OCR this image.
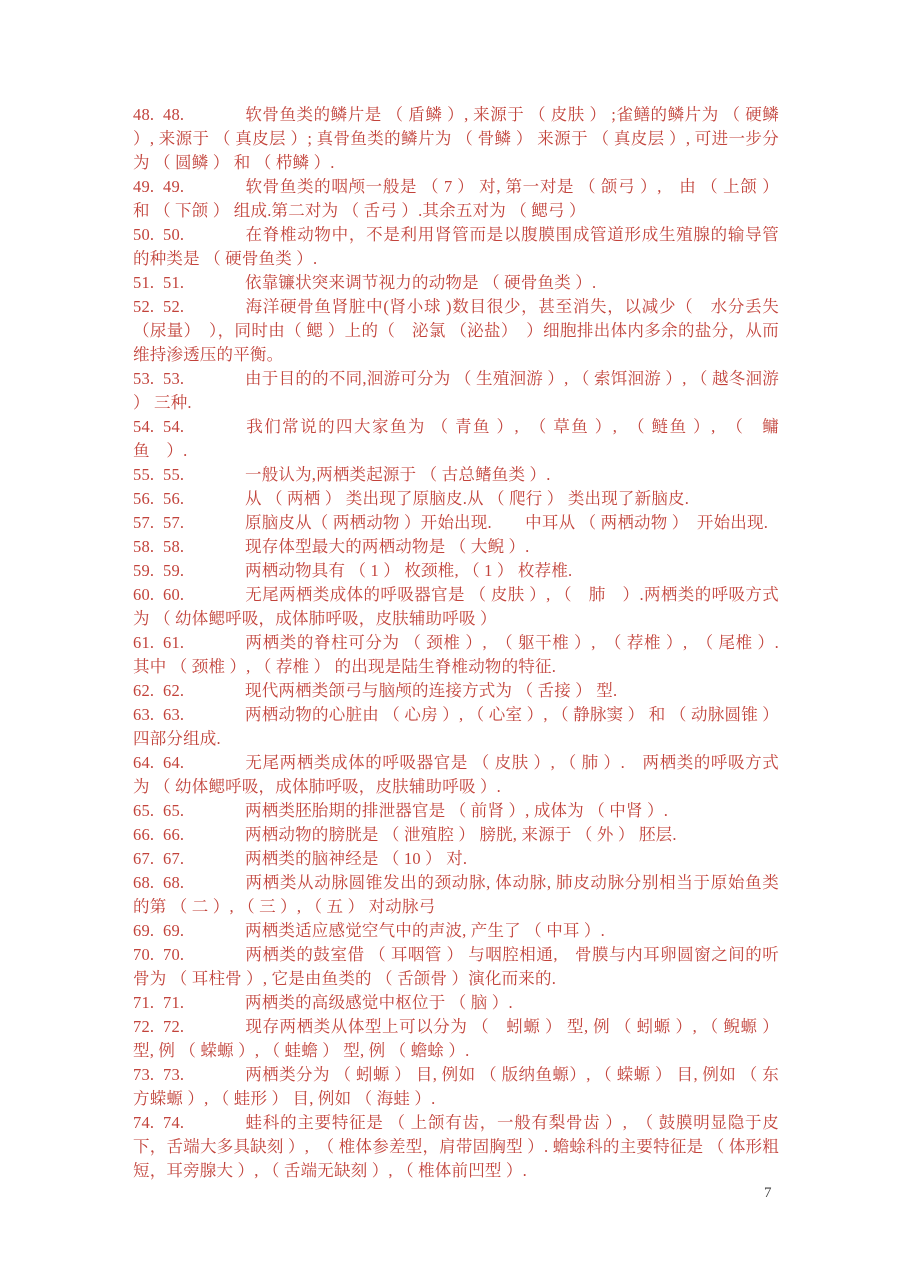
48. 48.	软骨鱼类的鳞片是 （ 盾鳞 ）, 来源于 （ 皮肤 ） ;雀鳝的鳞片为 （ 硬鳞 ）, 来源于 （ 真皮层 ）; 真骨鱼类的鳞片为 （ 骨鳞 ） 来源于 （ 真皮层 ）, 可进一步分为 （ 圆鳞 ） 和 （ 栉鳞 ）.

49. 49.	软骨鱼类的咽颅一般是 （ 7 ） 对, 第一对是 （ 颌弓 ）,　由 （ 上颌 ） 和 （ 下颌 ） 组成.第二对为 （ 舌弓 ）.其余五对为 （ 鳃弓 ）

50. 50.	在脊椎动物中，不是利用肾管而是以腹膜围成管道形成生殖腺的输导管的种类是 （ 硬骨鱼类 ）.

51. 51.	依靠镰状突来调节视力的动物是 （ 硬骨鱼类 ）.

52. 52.	海洋硬骨鱼肾脏中(肾小球 )数目很少，甚至消失，以减少（　水分丢失 （尿量）　），同时由（ 鳃 ）上的（　泌氯 （泌盐）　）细胞排出体内多余的盐分，从而维持渗透压的平衡。

53. 53.	由于目的的不同,洄游可分为 （ 生殖洄游 ）, （ 索饵洄游 ）, （ 越冬洄游 ） 三种.

54. 54.	我们常说的四大家鱼为 （ 青鱼 ）,　（ 草鱼 ）,　（ 鲢鱼 ）,　（　鳙鱼　）.

55. 55.	一般认为,两栖类起源于 （ 古总鳍鱼类 ）.

56. 56.	从 （ 两栖 ） 类出现了原脑皮.从 （ 爬行 ） 类出现了新脑皮.

57. 57.	原脑皮从（ 两栖动物 ）开始出现.　　中耳从 （ 两栖动物 ）　开始出现.

58. 58.	现存体型最大的两栖动物是 （ 大鲵 ）.

59. 59.	两栖动物具有 （ 1 ） 枚颈椎, （ 1 ） 枚荐椎.

60. 60.	无尾两栖类成体的呼吸器官是 （ 皮肤 ）, （　肺　）.两栖类的呼吸方式为 （ 幼体鳃呼吸，成体肺呼吸，皮肤辅助呼吸 ）

61. 61.	两栖类的脊柱可分为 （ 颈椎 ）,　（ 躯干椎 ）,　（ 荐椎 ）,　（ 尾椎 ）. 其中 （ 颈椎 ）, （ 荐椎 ） 的出现是陆生脊椎动物的特征.

62. 62.	现代两栖类颌弓与脑颅的连接方式为 （ 舌接 ） 型.

63. 63.	两栖动物的心脏由 （ 心房 ）, （ 心室 ）, （ 静脉窦 ） 和 （ 动脉圆锥 ） 四部分组成.

64. 64.	无尾两栖类成体的呼吸器官是 （ 皮肤 ）, （ 肺 ）.　两栖类的呼吸方式为 （ 幼体鳃呼吸，成体肺呼吸，皮肤辅助呼吸 ）.

65. 65.	两栖类胚胎期的排泄器官是 （ 前肾 ）, 成体为 （ 中肾 ）.

66. 66.	两栖动物的膀胱是 （ 泄殖腔 ） 膀胱, 来源于 （ 外 ） 胚层.

67. 67.	两栖类的脑神经是 （ 10 ） 对.

68. 68.	两栖类从动脉圆锥发出的颈动脉, 体动脉, 肺皮动脉分别相当于原始鱼类的第 （ 二 ）, （ 三 ）, （ 五 ） 对动脉弓

69. 69.	两栖类适应感觉空气中的声波, 产生了 （ 中耳 ）.

70. 70.	两栖类的鼓室借 （ 耳咽管 ） 与咽腔相通,　骨膜与内耳卵圆窗之间的听骨为 （ 耳柱骨 ）, 它是由鱼类的 （ 舌颌骨 ）演化而来的.

71. 71.	两栖类的高级感觉中枢位于 （ 脑 ）.

72. 72.	现存两栖类从体型上可以分为 （　蚓螈 ） 型, 例 （ 蚓螈 ）, （ 鲵螈 ） 型, 例 （ 蝾螈 ）, （ 蛙蟾 ） 型, 例 （ 蟾蜍 ）.

73. 73.	两栖类分为 （ 蚓螈 ） 目, 例如 （ 版纳鱼螈）, （ 蝾螈 ） 目, 例如 （ 东方蝾螈 ）, （ 蛙形 ） 目, 例如 （ 海蛙 ）.

74. 74.	蛙科的主要特征是 （ 上颌有齿，一般有梨骨齿 ）,　（ 鼓膜明显隐于皮下，舌端大多具缺刻 ）,　（ 椎体参差型，肩带固胸型 ）. 蟾蜍科的主要特征是 （ 体形粗短，耳旁腺大 ）, （ 舌端无缺刻 ）, （ 椎体前凹型 ）.

7
